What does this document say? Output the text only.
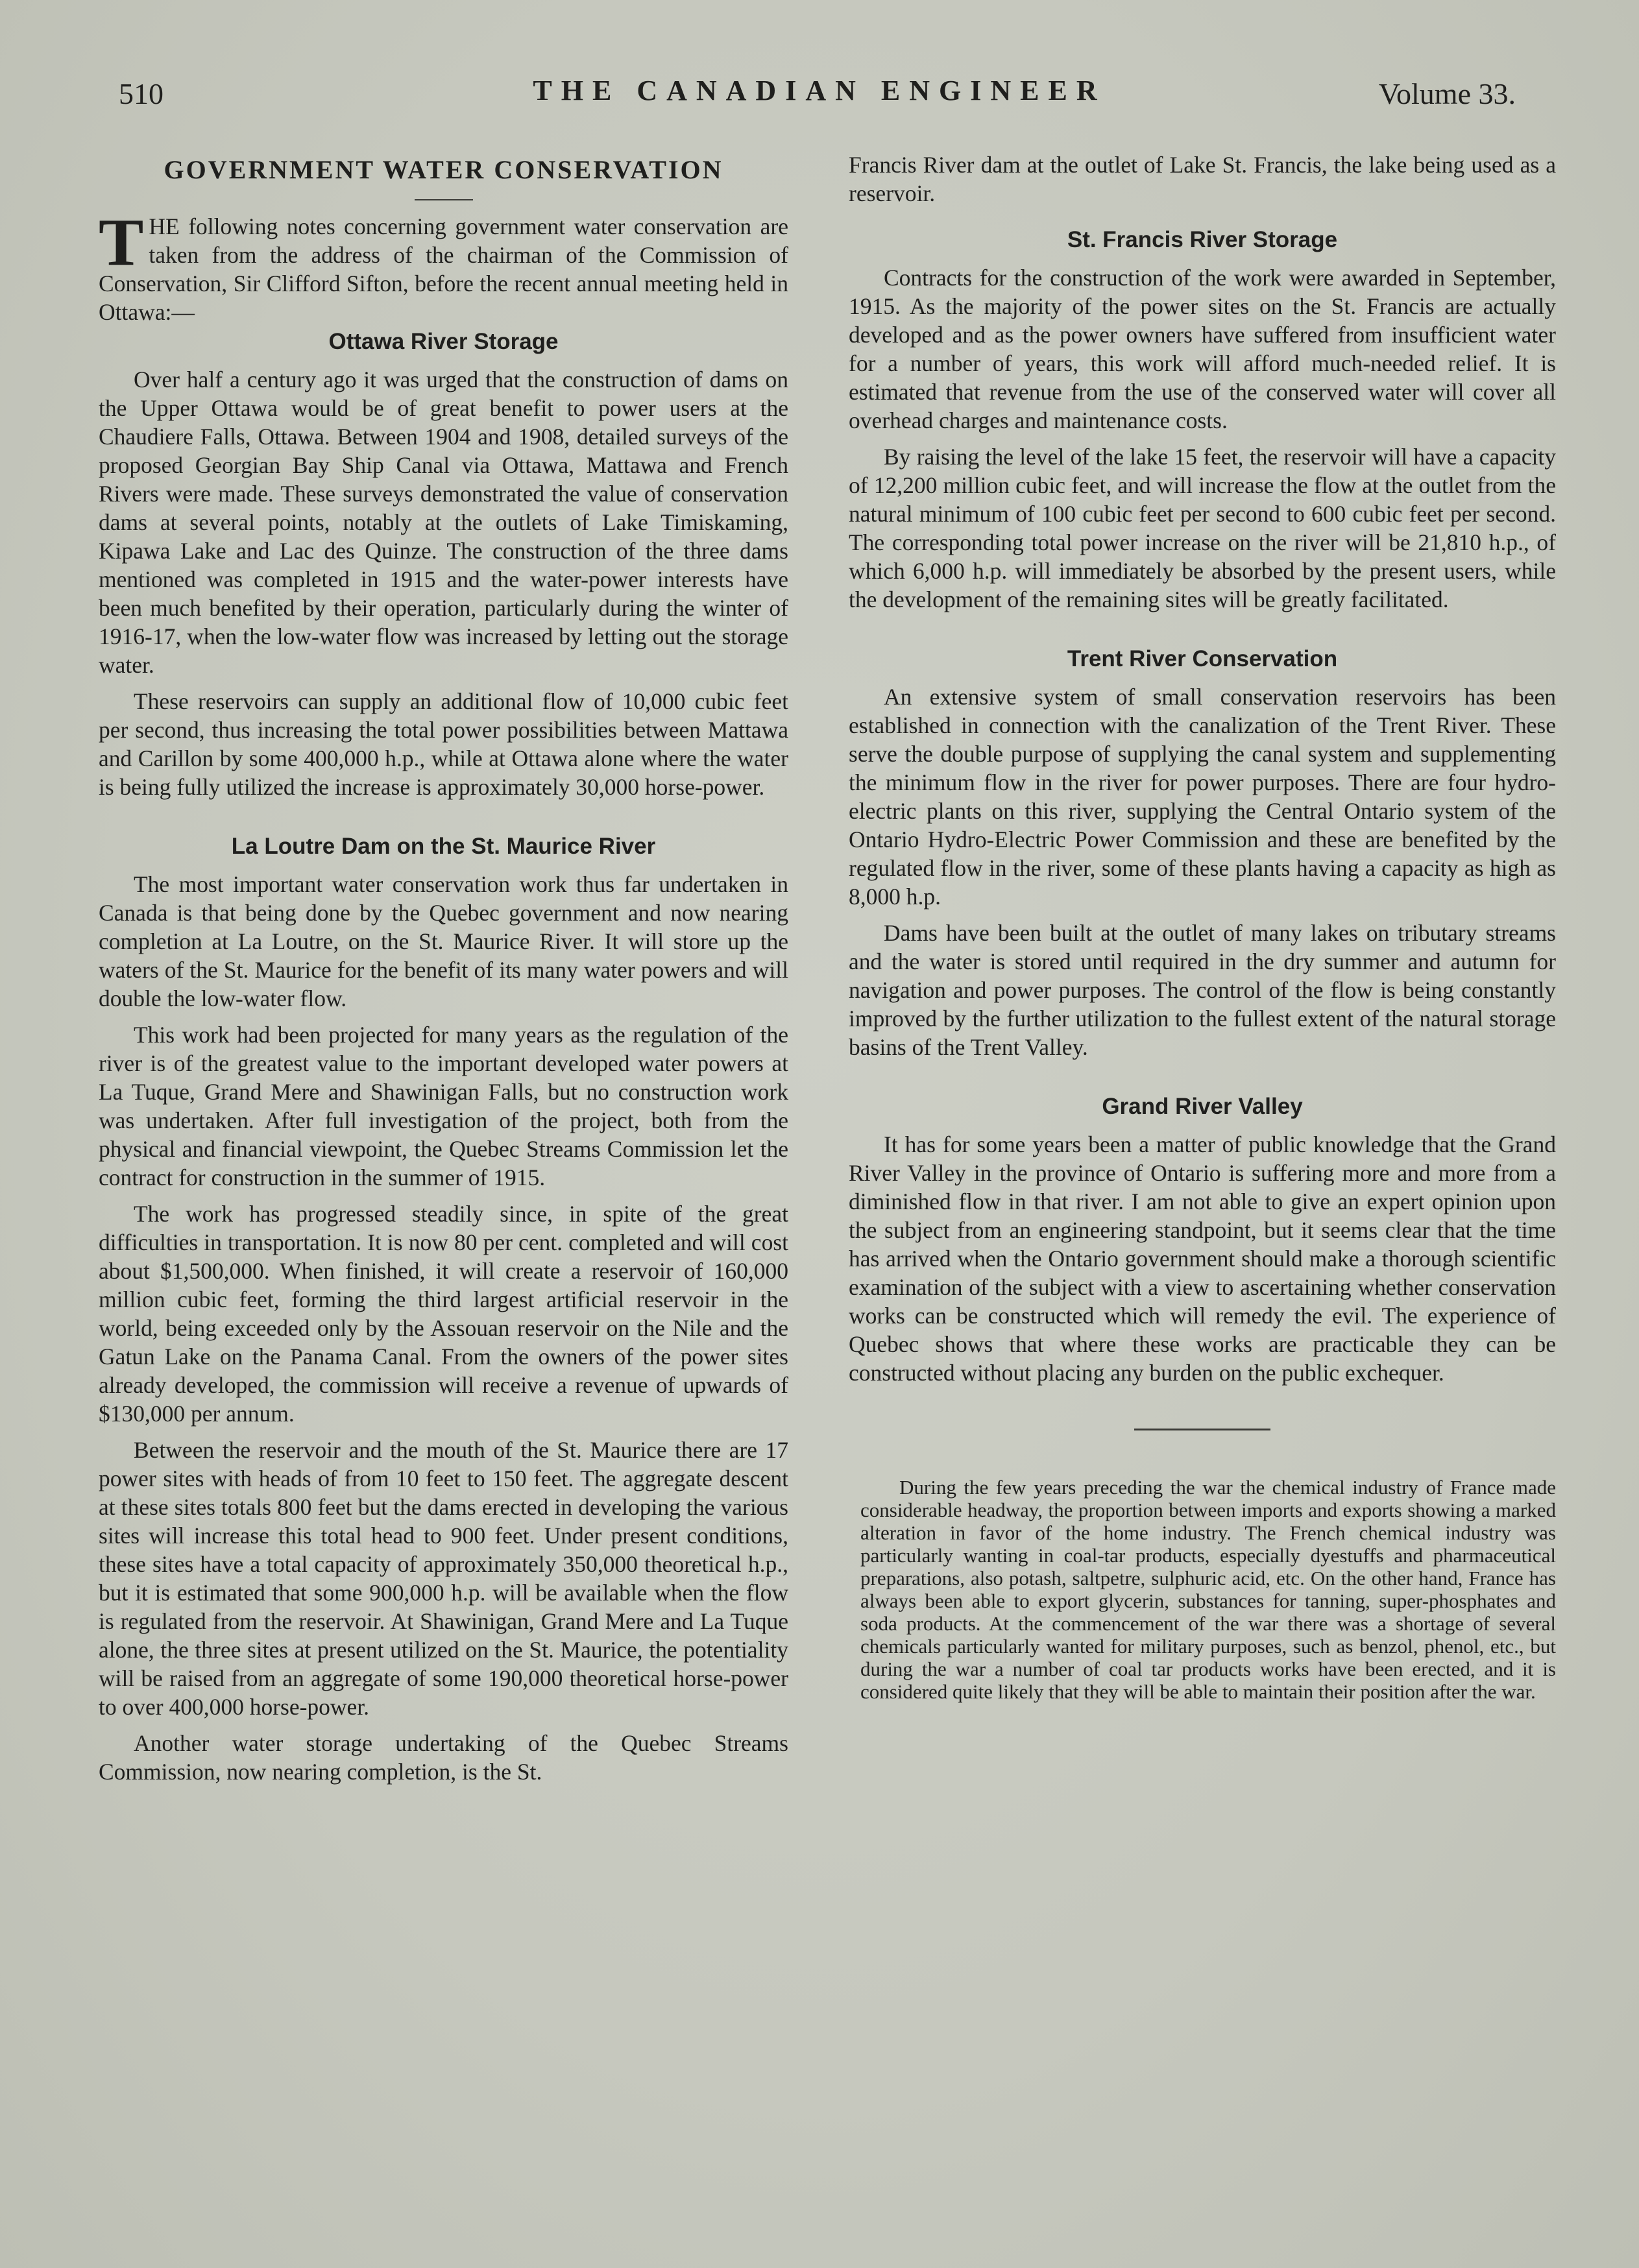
510	THE CANADIAN ENGINEER	Volume 33.
GOVERNMENT WATER CONSERVATION

THE following notes concerning government water conservation are taken from the address of the chairman of the Commission of Conservation, Sir Clifford Sifton, before the recent annual meeting held in Ottawa:—

Ottawa River Storage

Over half a century ago it was urged that the construction of dams on the Upper Ottawa would be of great benefit to power users at the Chaudiere Falls, Ottawa. Between 1904 and 1908, detailed surveys of the proposed Georgian Bay Ship Canal via Ottawa, Mattawa and French Rivers were made. These surveys demonstrated the value of conservation dams at several points, notably at the outlets of Lake Timiskaming, Kipawa Lake and Lac des Quinze. The construction of the three dams mentioned was completed in 1915 and the water-power interests have been much benefited by their operation, particularly during the winter of 1916-17, when the low-water flow was increased by letting out the storage water.

These reservoirs can supply an additional flow of 10,000 cubic feet per second, thus increasing the total power possibilities between Mattawa and Carillon by some 400,000 h.p., while at Ottawa alone where the water is being fully utilized the increase is approximately 30,000 horse-power.

La Loutre Dam on the St. Maurice River

The most important water conservation work thus far undertaken in Canada is that being done by the Quebec government and now nearing completion at La Loutre, on the St. Maurice River. It will store up the waters of the St. Maurice for the benefit of its many water powers and will double the low-water flow.

This work had been projected for many years as the regulation of the river is of the greatest value to the important developed water powers at La Tuque, Grand Mere and Shawinigan Falls, but no construction work was undertaken. After full investigation of the project, both from the physical and financial viewpoint, the Quebec Streams Commission let the contract for construction in the summer of 1915.

The work has progressed steadily since, in spite of the great difficulties in transportation. It is now 80 per cent. completed and will cost about $1,500,000. When finished, it will create a reservoir of 160,000 million cubic feet, forming the third largest artificial reservoir in the world, being exceeded only by the Assouan reservoir on the Nile and the Gatun Lake on the Panama Canal. From the owners of the power sites already developed, the commission will receive a revenue of upwards of $130,000 per annum.

Between the reservoir and the mouth of the St. Maurice there are 17 power sites with heads of from 10 feet to 150 feet. The aggregate descent at these sites totals 800 feet but the dams erected in developing the various sites will increase this total head to 900 feet. Under present conditions, these sites have a total capacity of approximately 350,000 theoretical h.p., but it is estimated that some 900,000 h.p. will be available when the flow is regulated from the reservoir. At Shawinigan, Grand Mere and La Tuque alone, the three sites at present utilized on the St. Maurice, the potentiality will be raised from an aggregate of some 190,000 theoretical horse-power to over 400,000 horse-power.

Another water storage undertaking of the Quebec Streams Commission, now nearing completion, is the St.

Francis River dam at the outlet of Lake St. Francis, the lake being used as a reservoir.

St. Francis River Storage

Contracts for the construction of the work were awarded in September, 1915. As the majority of the power sites on the St. Francis are actually developed and as the power owners have suffered from insufficient water for a number of years, this work will afford much-needed relief. It is estimated that revenue from the use of the conserved water will cover all overhead charges and maintenance costs.

By raising the level of the lake 15 feet, the reservoir will have a capacity of 12,200 million cubic feet, and will increase the flow at the outlet from the natural minimum of 100 cubic feet per second to 600 cubic feet per second. The corresponding total power increase on the river will be 21,810 h.p., of which 6,000 h.p. will immediately be absorbed by the present users, while the development of the remaining sites will be greatly facilitated.

Trent River Conservation

An extensive system of small conservation reservoirs has been established in connection with the canalization of the Trent River. These serve the double purpose of supplying the canal system and supplementing the minimum flow in the river for power purposes. There are four hydro-electric plants on this river, supplying the Central Ontario system of the Ontario Hydro-Electric Power Commission and these are benefited by the regulated flow in the river, some of these plants having a capacity as high as 8,000 h.p.

Dams have been built at the outlet of many lakes on tributary streams and the water is stored until required in the dry summer and autumn for navigation and power purposes. The control of the flow is being constantly improved by the further utilization to the fullest extent of the natural storage basins of the Trent Valley.

Grand River Valley

It has for some years been a matter of public knowledge that the Grand River Valley in the province of Ontario is suffering more and more from a diminished flow in that river. I am not able to give an expert opinion upon the subject from an engineering standpoint, but it seems clear that the time has arrived when the Ontario government should make a thorough scientific examination of the subject with a view to ascertaining whether conservation works can be constructed which will remedy the evil. The experience of Quebec shows that where these works are practicable they can be constructed without placing any burden on the public exchequer.

During the few years preceding the war the chemical industry of France made considerable headway, the proportion between imports and exports showing a marked alteration in favor of the home industry. The French chemical industry was particularly wanting in coal-tar products, especially dyestuffs and pharmaceutical preparations, also potash, saltpetre, sulphuric acid, etc. On the other hand, France has always been able to export glycerin, substances for tanning, super-phosphates and soda products. At the commencement of the war there was a shortage of several chemicals particularly wanted for military purposes, such as benzol, phenol, etc., but during the war a number of coal tar products works have been erected, and it is considered quite likely that they will be able to maintain their position after the war.
